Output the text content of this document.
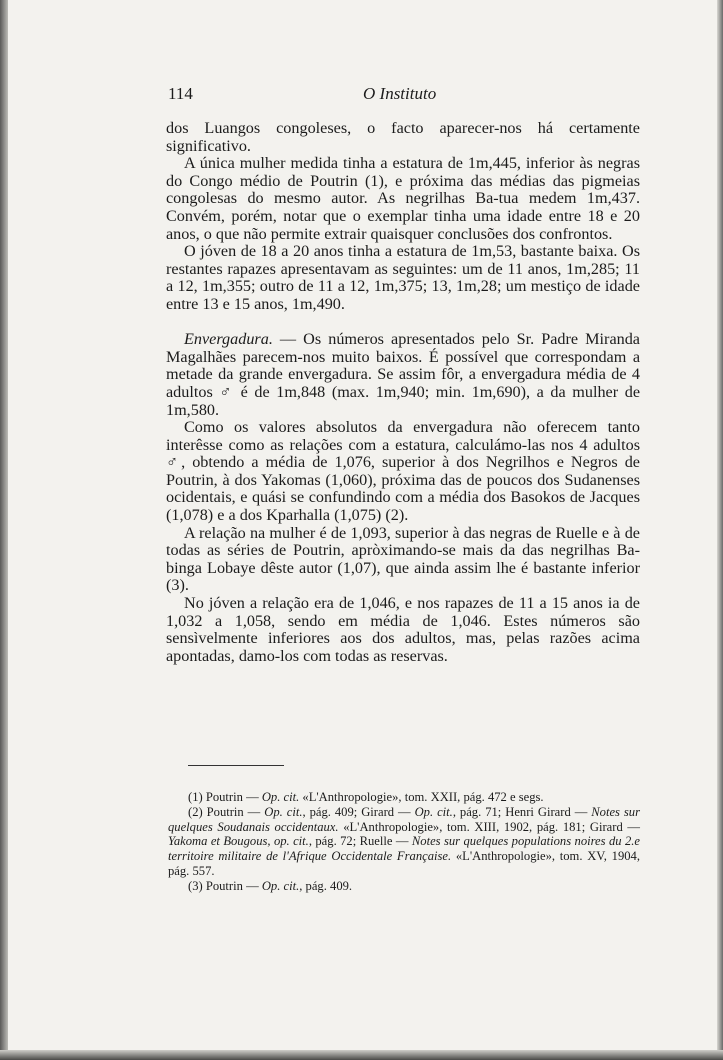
114	O Instituto

dos Luangos congoleses, o facto aparecer-nos há certamente significativo.

A única mulher medida tinha a estatura de 1m,445, inferior às negras do Congo médio de Poutrin (1), e próxima das médias das pigmeias congolesas do mesmo autor. As negrilhas Ba-tua medem 1m,437. Convém, porém, notar que o exemplar tinha uma idade entre 18 e 20 anos, o que não permite extrair quaisquer conclusões dos confrontos.

O jóven de 18 a 20 anos tinha a estatura de 1m,53, bastante baixa. Os restantes rapazes apresentavam as seguintes: um de 11 anos, 1m,285; 11 a 12, 1m,355; outro de 11 a 12, 1m,375; 13, 1m,28; um mestiço de idade entre 13 e 15 anos, 1m,490.

Envergadura. — Os números apresentados pelo Sr. Padre Miranda Magalhães parecem-nos muito baixos. É possível que correspondam a metade da grande envergadura. Se assim fôr, a envergadura média de 4 adultos ♂ é de 1m,848 (max. 1m,940; min. 1m,690), a da mulher de 1m,580.

Como os valores absolutos da envergadura não oferecem tanto interêsse como as relações com a estatura, calculámo-las nos 4 adultos ♂, obtendo a média de 1,076, superior à dos Negrilhos e Negros de Poutrin, à dos Yakomas (1,060), próxima das de poucos dos Sudanenses ocidentais, e quási se confundindo com a média dos Basokos de Jacques (1,078) e a dos Kparhalla (1,075) (2).

A relação na mulher é de 1,093, superior à das negras de Ruelle e à de todas as séries de Poutrin, apròximando-se mais da das negrilhas Ba-binga Lobaye dêste autor (1,07), que ainda assim lhe é bastante inferior (3).

No jóven a relação era de 1,046, e nos rapazes de 11 a 15 anos ia de 1,032 a 1,058, sendo em média de 1,046. Estes números são sensìvelmente inferiores aos dos adultos, mas, pelas razões acima apontadas, damo-los com todas as reservas.

(1) Poutrin — Op. cit. «L'Anthropologie», tom. XXII, pág. 472 e segs.

(2) Poutrin — Op. cit., pág. 409; Girard — Op. cit., pág. 71; Henri Girard — Notes sur quelques Soudanais occidentaux. «L'Anthropologie», tom. XIII, 1902, pág. 181; Girard — Yakoma et Bougous, op. cit., pág. 72; Ruelle — Notes sur quelques populations noires du 2.e territoire militaire de l'Afrique Occidentale Française. «L'Anthropologie», tom. XV, 1904, pág. 557.

(3) Poutrin — Op. cit., pág. 409.
